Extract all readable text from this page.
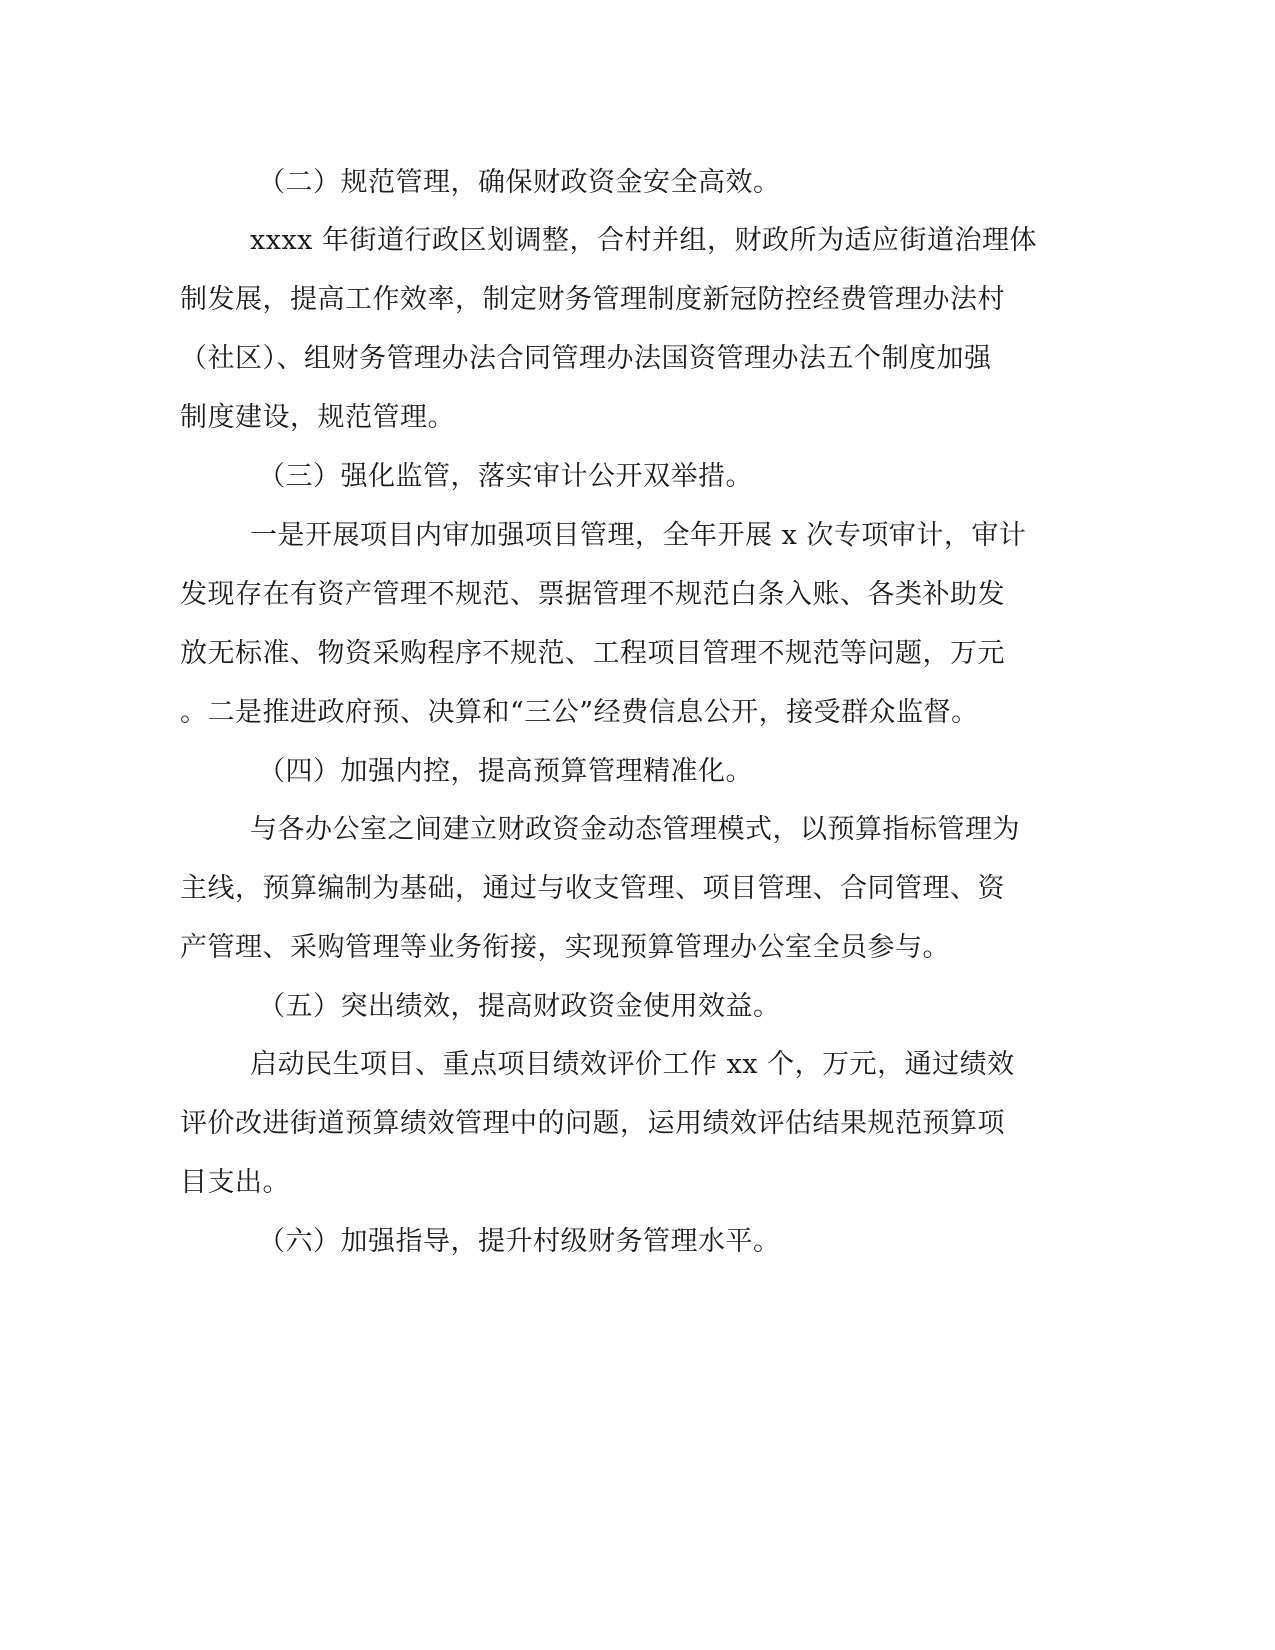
（二）规范管理，确保财政资金安全高效。
xxxx 年街道行政区划调整，合村并组，财政所为适应街道治理体
制发展，提高工作效率，制定财务管理制度新冠防控经费管理办法村
（社区）、组财务管理办法合同管理办法国资管理办法五个制度加强
制度建设，规范管理。
（三）强化监管，落实审计公开双举措。
一是开展项目内审加强项目管理，全年开展 x 次专项审计，审计
发现存在有资产管理不规范、票据管理不规范白条入账、各类补助发
放无标准、物资采购程序不规范、工程项目管理不规范等问题，万元
。二是推进政府预、决算和“三公”经费信息公开，接受群众监督。
（四）加强内控，提高预算管理精准化。
与各办公室之间建立财政资金动态管理模式，以预算指标管理为
主线，预算编制为基础，通过与收支管理、项目管理、合同管理、资
产管理、采购管理等业务衔接，实现预算管理办公室全员参与。
（五）突出绩效，提高财政资金使用效益。
启动民生项目、重点项目绩效评价工作 xx 个，万元，通过绩效
评价改进街道预算绩效管理中的问题，运用绩效评估结果规范预算项
目支出。
（六）加强指导，提升村级财务管理水平。
